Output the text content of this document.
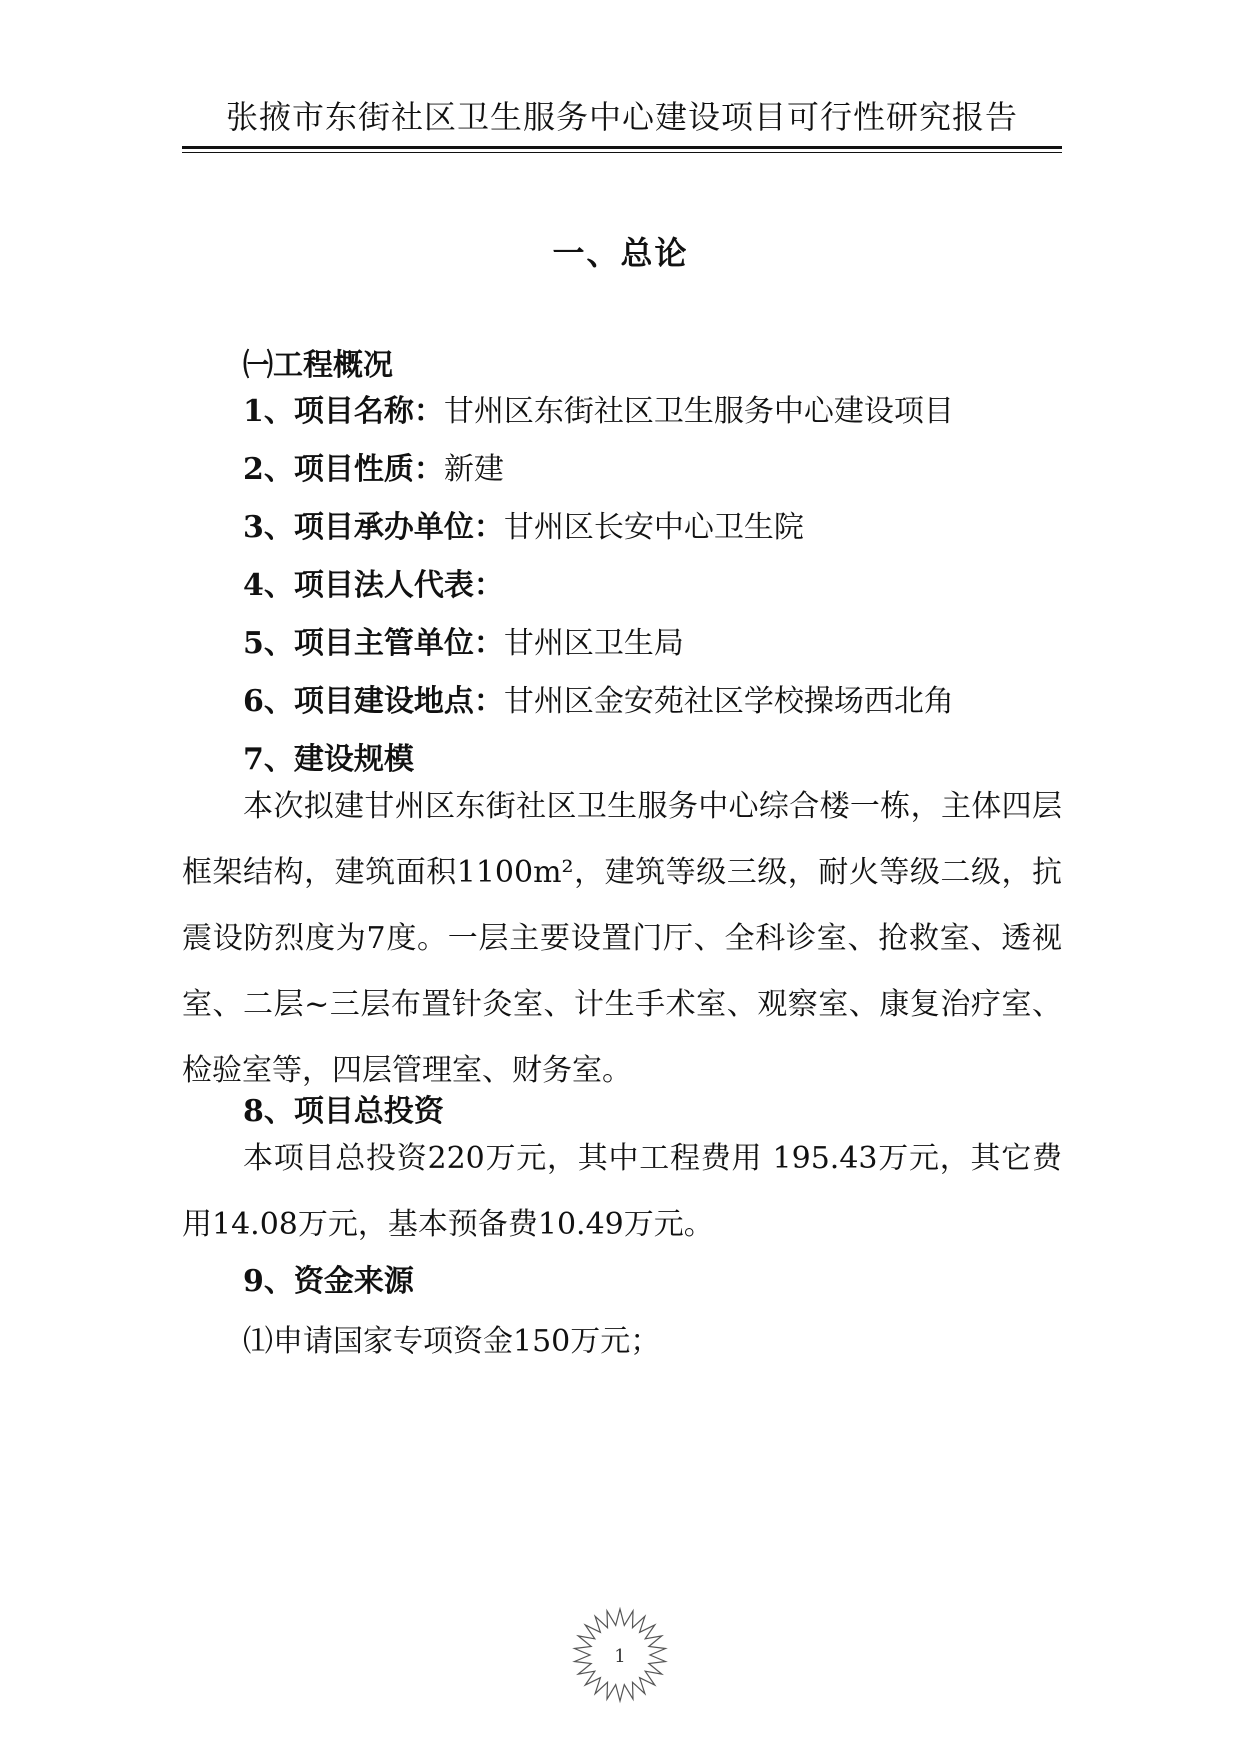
张掖市东街社区卫生服务中心建设项目可行性研究报告
一、总论
㈠工程概况
1、项目名称：甘州区东街社区卫生服务中心建设项目
2、项目性质：新建
3、项目承办单位：甘州区长安中心卫生院
4、项目法人代表：
5、项目主管单位：甘州区卫生局
6、项目建设地点：甘州区金安苑社区学校操场西北角
7、建设规模
本次拟建甘州区东街社区卫生服务中心综合楼一栋，主体四层框架结构，建筑面积1100m²，建筑等级三级，耐火等级二级，抗震设防烈度为7度。一层主要设置门厅、全科诊室、抢救室、透视室、二层~三层布置针灸室、计生手术室、观察室、康复治疗室、检验室等，四层管理室、财务室。
8、项目总投资
本项目总投资220万元，其中工程费用 195.43万元，其它费用14.08万元，基本预备费10.49万元。
9、资金来源
⑴申请国家专项资金150万元；
1
